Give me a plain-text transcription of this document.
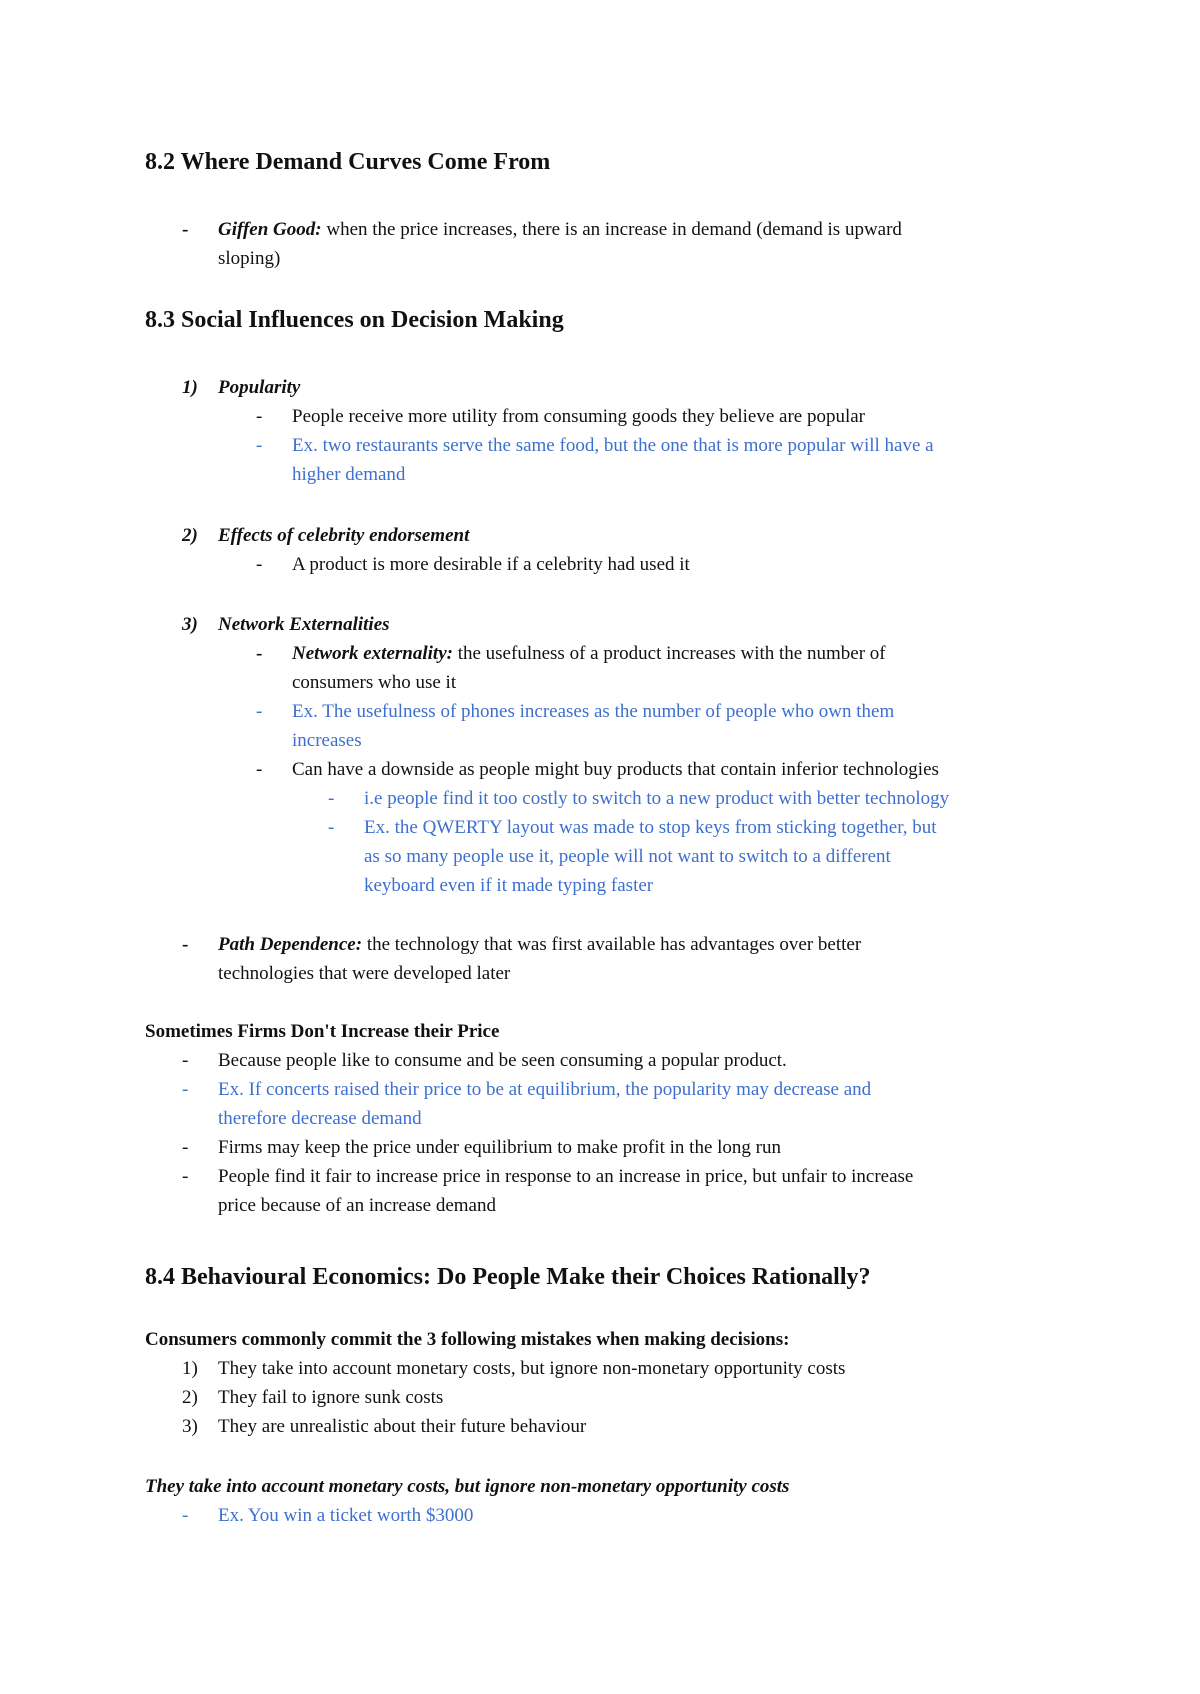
8.2 Where Demand Curves Come From
-	Giffen Good: when the price increases, there is an increase in demand (demand is upward
sloping)
8.3 Social Influences on Decision Making
1)	Popularity
-	People receive more utility from consuming goods they believe are popular
-	Ex. two restaurants serve the same food, but the one that is more popular will have a
higher demand
2)	Effects of celebrity endorsement
-	A product is more desirable if a celebrity had used it
3)	Network Externalities
-	Network externality: the usefulness of a product increases with the number of
consumers who use it
-	Ex. The usefulness of phones increases as the number of people who own them
increases
-	Can have a downside as people might buy products that contain inferior technologies
-	i.e people find it too costly to switch to a new product with better technology
-	Ex. the QWERTY layout was made to stop keys from sticking together, but
as so many people use it, people will not want to switch to a different
keyboard even if it made typing faster
-	Path Dependence: the technology that was first available has advantages over better
technologies that were developed later
Sometimes Firms Don't Increase their Price
-	Because people like to consume and be seen consuming a popular product.
-	Ex. If concerts raised their price to be at equilibrium, the popularity may decrease and
therefore decrease demand
-	Firms may keep the price under equilibrium to make profit in the long run
-	People find it fair to increase price in response to an increase in price, but unfair to increase
price because of an increase demand
8.4 Behavioural Economics: Do People Make their Choices Rationally?
Consumers commonly commit the 3 following mistakes when making decisions:
1)	They take into account monetary costs, but ignore non-monetary opportunity costs
2)	They fail to ignore sunk costs
3)	They are unrealistic about their future behaviour
They take into account monetary costs, but ignore non-monetary opportunity costs
-	Ex. You win a ticket worth $3000
